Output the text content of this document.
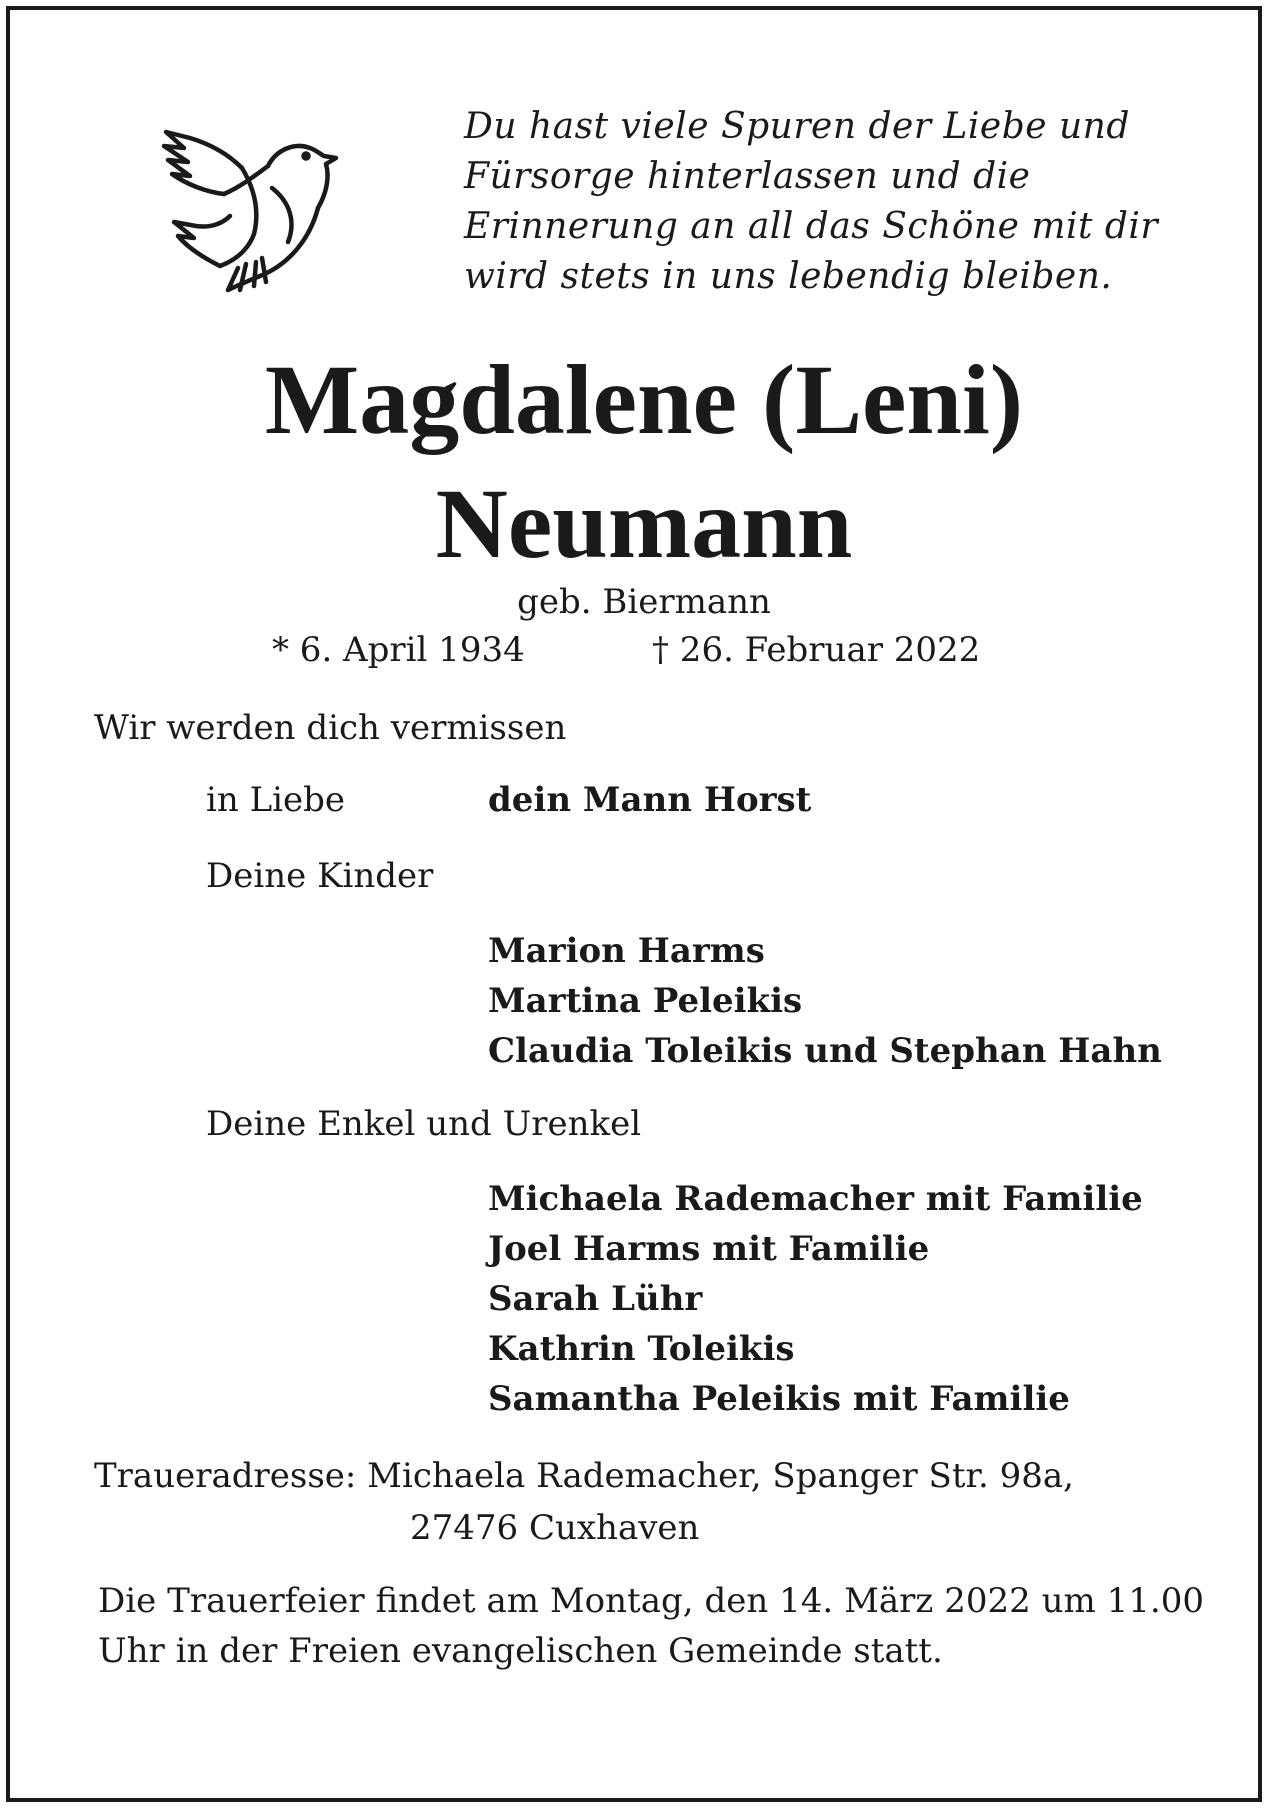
Du hast viele Spuren der Liebe und
Fürsorge hinterlassen und die
Erinnerung an all das Schöne mit dir
wird stets in uns lebendig bleiben.
Magdalene (Leni)
Neumann
geb. Biermann
* 6. April 1934	† 26. Februar 2022
Wir werden dich vermissen
in Liebe	dein Mann Horst
Deine Kinder
Marion Harms
Martina Peleikis
Claudia Toleikis und Stephan Hahn
Deine Enkel und Urenkel
Michaela Rademacher mit Familie
Joel Harms mit Familie
Sarah Lühr
Kathrin Toleikis
Samantha Peleikis mit Familie
Traueradresse: Michaela Rademacher, Spanger Str. 98a,
27476 Cuxhaven
Die Trauerfeier findet am Montag, den 14. März 2022 um 11.00 Uhr in der Freien evangelischen Gemeinde statt.
